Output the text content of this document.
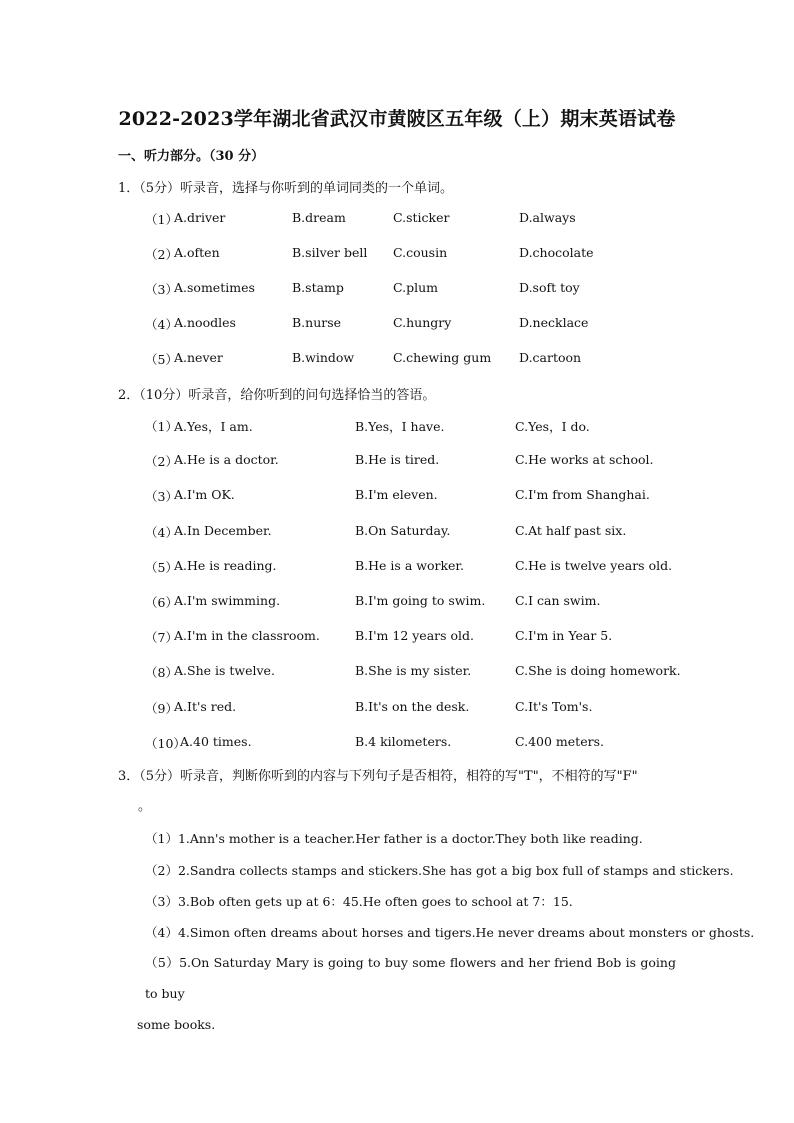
2022-2023学年湖北省武汉市黄陂区五年级（上）期末英语试卷
一、听力部分。（30 分）
1．（5分）听录音，选择与你听到的单词同类的一个单词。
（1）
A.driver	B.dream	C.sticker	D.always
（2）
A.often	B.silver bell C.cousin	D.chocolate
（3）
A.sometimes	B.stamp	C.plum	D.soft toy
（4）
A.noodles	B.nurse	C.hungry	D.necklace
（5）
A.never	B.window	C.chewing gum D.cartoon
2．（10分）听录音，给你听到的问句选择恰当的答语。
（1）
A.Yes，I am.	B.Yes，I have.	C.Yes，I do.
（2）
A.He is a doctor.	B.He is tired.	C.He works at school.
（3）
A.I'm OK.	B.I'm eleven.	C.I'm from Shanghai.
（4）
A.In December.	B.On Saturday.	C.At half past six.
（5）
A.He is reading.	B.He is a worker.	C.He is twelve years old.
（6）
A.I'm swimming.	B.I'm going to swim. C.I can swim.
（7）
A.I'm in the classroom.	B.I'm 12 years old.	C.I'm in Year 5.
（8）
A.She is twelve.	B.She is my sister.	C.She is doing homework.
（9）
A.It's red.	B.It's on the desk.	C.It's Tom's.
（10）
A.40 times.	B.4 kilometers.	C.400 meters.
3．（5分）听录音，判断你听到的内容与下列句子是否相符，相符的写"T"，不相符的写"F"
。
（1）1.Ann's mother is a teacher.Her father is a doctor.They both like reading.
（2）2.Sandra collects stamps and stickers.She has got a big box full of stamps and stickers.
（3）3.Bob often gets up at 6：45.He often goes to school at 7：15.
（4）4.Simon often dreams about horses and tigers.He never dreams about monsters or ghosts.
（5）5.On Saturday Mary is going to buy some flowers and her friend Bob is going to buy
some books.
